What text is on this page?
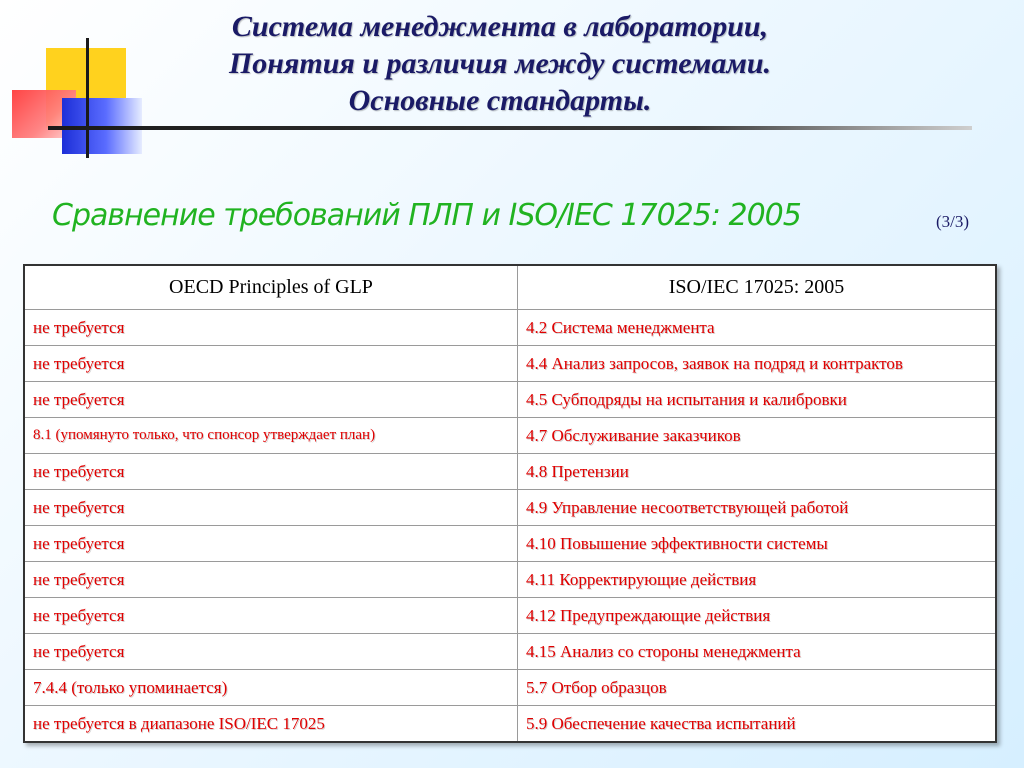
Система менеджмента в лаборатории,
Понятия и различия между системами.
Основные стандарты.
Сравнение требований ПЛП и ISO/IEC 17025: 2005	(3/3)
OECD Principles of GLP	ISO/IEC 17025: 2005
не требуется	4.2 Система менеджмента
не требуется	4.4 Анализ запросов, заявок на подряд и контрактов
не требуется	4.5 Субподряды на испытания и калибровки
8.1 (упомянуто только, что спонсор утверждает план)	4.7 Обслуживание заказчиков
не требуется	4.8 Претензии
не требуется	4.9 Управление несоответствующей работой
не требуется	4.10 Повышение эффективности системы
не требуется	4.11 Корректирующие действия
не требуется	4.12 Предупреждающие действия
не требуется	4.15 Анализ со стороны менеджмента
7.4.4 (только упоминается)	5.7 Отбор образцов
не требуется в диапазоне ISO/IEC 17025	5.9 Обеспечение качества испытаний
